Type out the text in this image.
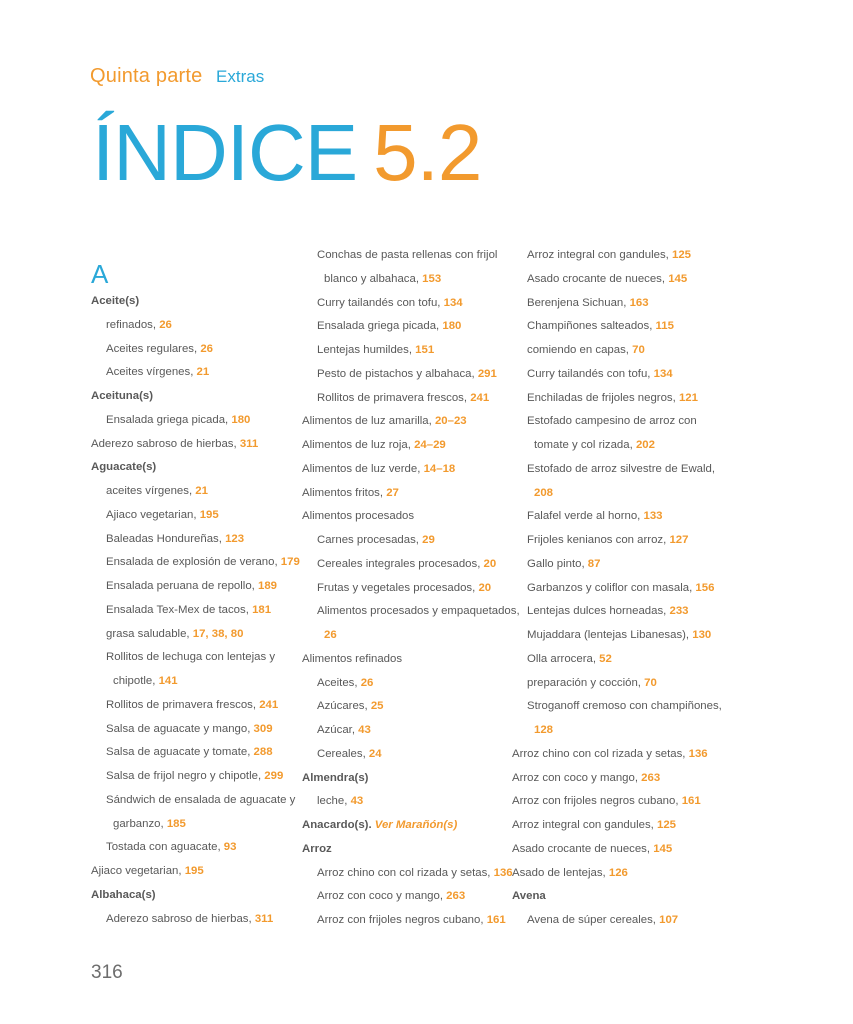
Quinta parte Extras
ÍNDICE 5.2
A
Aceite(s)
refinados, 26
Aceites regulares, 26
Aceites vírgenes, 21
Aceituna(s)
Ensalada griega picada, 180
Aderezo sabroso de hierbas, 311
Aguacate(s)
aceites vírgenes, 21
Ajiaco vegetarian, 195
Baleadas Hondureñas, 123
Ensalada de explosión de verano, 179
Ensalada peruana de repollo, 189
Ensalada Tex-Mex de tacos, 181
grasa saludable, 17, 38, 80
Rollitos de lechuga con lentejas y
chipotle, 141
Rollitos de primavera frescos, 241
Salsa de aguacate y mango, 309
Salsa de aguacate y tomate, 288
Salsa de frijol negro y chipotle, 299
Sándwich de ensalada de aguacate y
garbanzo, 185
Tostada con aguacate, 93
Ajiaco vegetarian, 195
Albahaca(s)
Aderezo sabroso de hierbas, 311
Conchas de pasta rellenas con frijol
blanco y albahaca, 153
Curry tailandés con tofu, 134
Ensalada griega picada, 180
Lentejas humildes, 151
Pesto de pistachos y albahaca, 291
Rollitos de primavera frescos, 241
Alimentos de luz amarilla, 20–23
Alimentos de luz roja, 24–29
Alimentos de luz verde, 14–18
Alimentos fritos, 27
Alimentos procesados
Carnes procesadas, 29
Cereales integrales procesados, 20
Frutas y vegetales procesados, 20
Alimentos procesados y empaquetados,
26
Alimentos refinados
Aceites, 26
Azúcares, 25
Azúcar, 43
Cereales, 24
Almendra(s)
leche, 43
Anacardo(s). Ver Marañón(s)
Arroz
Arroz chino con col rizada y setas, 136
Arroz con coco y mango, 263
Arroz con frijoles negros cubano, 161
Arroz integral con gandules, 125
Asado crocante de nueces, 145
Berenjena Sichuan, 163
Champiñones salteados, 115
comiendo en capas, 70
Curry tailandés con tofu, 134
Enchiladas de frijoles negros, 121
Estofado campesino de arroz con
tomate y col rizada, 202
Estofado de arroz silvestre de Ewald,
208
Falafel verde al horno, 133
Frijoles kenianos con arroz, 127
Gallo pinto, 87
Garbanzos y coliflor con masala, 156
Lentejas dulces horneadas, 233
Mujaddara (lentejas Libanesas), 130
Olla arrocera, 52
preparación y cocción, 70
Stroganoff cremoso con champiñones,
128
Arroz chino con col rizada y setas, 136
Arroz con coco y mango, 263
Arroz con frijoles negros cubano, 161
Arroz integral con gandules, 125
Asado crocante de nueces, 145
Asado de lentejas, 126
Avena
Avena de súper cereales, 107
316
